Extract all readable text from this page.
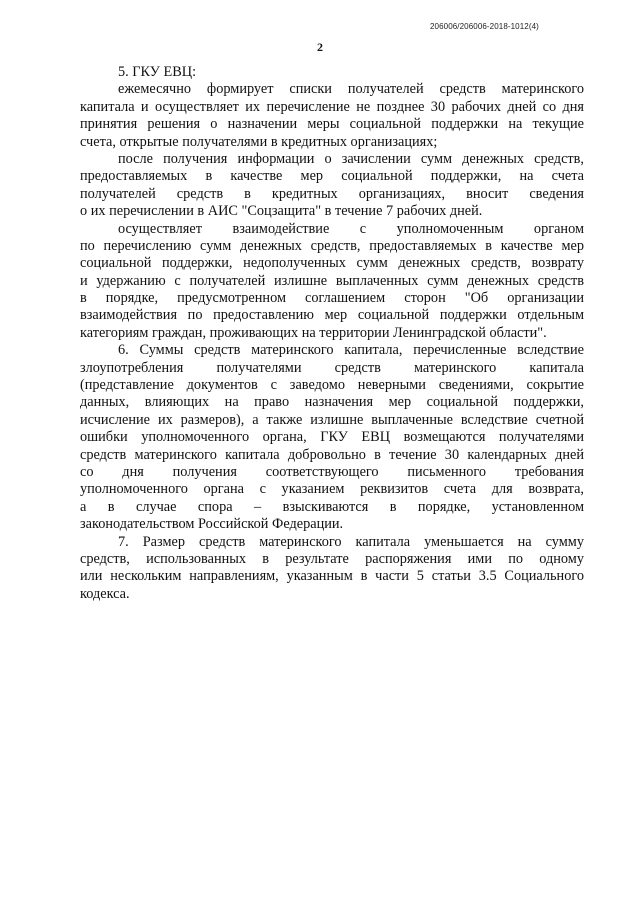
206006/206006-2018-1012(4)
2
5. ГКУ ЕВЦ:
ежемесячно формирует списки получателей средств материнского
капитала и осуществляет их перечисление не позднее 30 рабочих дней со дня
принятия решения о назначении меры социальной поддержки на текущие
счета, открытые получателями в кредитных организациях;
после получения информации о зачислении сумм денежных средств,
предоставляемых в качестве мер социальной поддержки, на счета
получателей средств в кредитных организациях, вносит сведения
о их перечислении в АИС "Соцзащита" в течение 7 рабочих дней.
осуществляет взаимодействие с уполномоченным органом
по перечислению сумм денежных средств, предоставляемых в качестве мер
социальной поддержки, недополученных сумм денежных средств, возврату
и удержанию с получателей излишне выплаченных сумм денежных средств
в порядке, предусмотренном соглашением сторон "Об организации
взаимодействия по предоставлению мер социальной поддержки отдельным
категориям граждан, проживающих на территории Ленинградской области".
6. Суммы средств материнского капитала, перечисленные вследствие
злоупотребления получателями средств материнского капитала
(представление документов с заведомо неверными сведениями, сокрытие
данных, влияющих на право назначения мер социальной поддержки,
исчисление их размеров), а также излишне выплаченные вследствие счетной
ошибки уполномоченного органа, ГКУ ЕВЦ возмещаются получателями
средств материнского капитала добровольно в течение 30 календарных дней
со дня получения соответствующего письменного требования
уполномоченного органа с указанием реквизитов счета для возврата,
а в случае спора – взыскиваются в порядке, установленном
законодательством Российской Федерации.
7. Размер средств материнского капитала уменьшается на сумму
средств, использованных в результате распоряжения ими по одному
или нескольким направлениям, указанным в части 5 статьи 3.5 Социального
кодекса.
